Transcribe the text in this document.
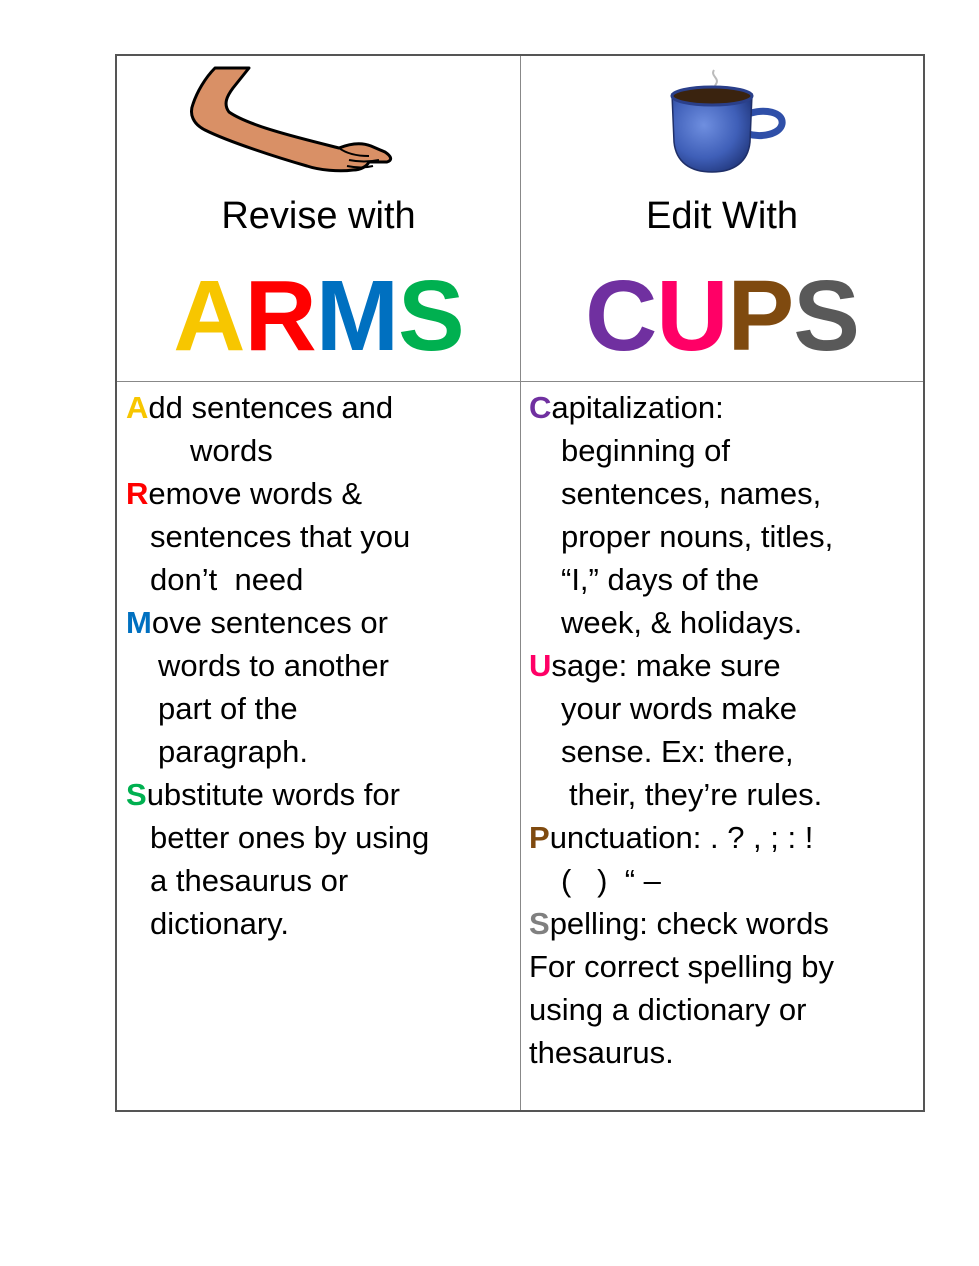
Revise with
ARMS
Edit With
CUPS
Add sentences and
words
Remove words &
sentences that you
don’t  need
Move sentences or
words to another
part of the
paragraph.
Substitute words for
better ones by using
a thesaurus or
dictionary.
Capitalization:
beginning of
sentences, names,
proper nouns, titles,
“I,” days of the
week, & holidays.
Usage: make sure
your words make
sense. Ex: there,
their, they’re rules.
Punctuation: . ? , ; : !
(   )  “ –
Spelling: check words
For correct spelling by
using a dictionary or
thesaurus.
